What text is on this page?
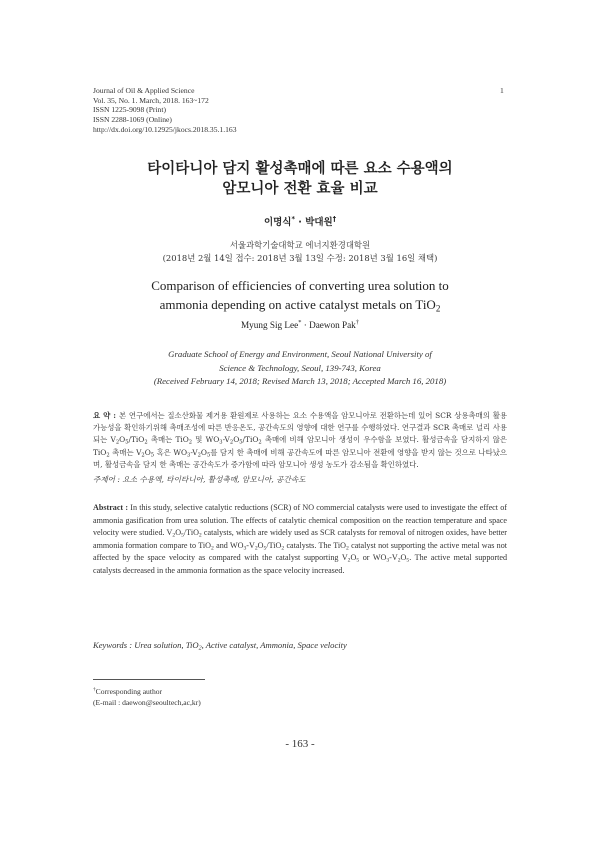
Journal of Oil & Applied Science
Vol. 35, No. 1. March, 2018. 163~172
ISSN 1225-9098 (Print)
ISSN 2288-1069 (Online)
http://dx.doi.org/10.12925/jkocs.2018.35.1.163
1
타이타니아 담지 활성촉매에 따른 요소 수용액의
암모니아 전환 효율 비교
이명식* · 박대원†
서울과학기술대학교 에너지환경대학원
(2018년 2월 14일 접수: 2018년 3월 13일 수정: 2018년 3월 16일 채택)
Comparison of efficiencies of converting urea solution to
ammonia depending on active catalyst metals on TiO$_2$
Myung Sig Lee* · Daewon Pak†
Graduate School of Energy and Environment, Seoul National University of
Science & Technology, Seoul, 139-743, Korea
(Received February 14, 2018; Revised March 13, 2018; Accepted March 16, 2018)
요 약 : 본 연구에서는 질소산화물 제거용 환원제로 사용하는 요소 수용액을 암모니아로 전환하는데 있어 SCR 상용촉매의 활용가능성을 확인하기위해 촉매조성에 따른 반응온도, 공간속도의 영향에 대한 연구를 수행하였다. 연구결과 SCR 촉매로 널리 사용되는 $V_2O_5/TiO_2$ 촉매는 TiO$_2$ 및 $WO_3-V_2O_5/TiO_2$ 촉매에 비해 암모니아 생성이 우수함을 보였다. 활성금속을 담지하지 않은 TiO$_2$ 촉매는 $V_2O_5$ 혹은 $WO_3-V_2O_5$를 담지 한 촉매에 비해 공간속도에 따른 암모니아 전환에 영향을 받지 않는 것으로 나타났으며, 활성금속을 담지 한 촉매는 공간속도가 증가함에 따라 암모니아 생성 농도가 감소됨을 확인하였다.
주제어 : 요소 수용액, 타이타니아, 활성촉매, 암모니아, 공간속도
Abstract : In this study, selective catalytic reductions (SCR) of NO commercial catalysts were used to investigate the effect of ammonia gasification from urea solution. The effects of catalytic chemical composition on the reaction temperature and space velocity were studied. $V_2O_5/TiO_2$ catalysts, which are widely used as SCR catalysts for removal of nitrogen oxides, have better ammonia formation compare to TiO$_2$ and $WO_3-V_2O_5/TiO_2$ catalysts. The TiO$_2$ catalyst not supporting the active metal was not affected by the space velocity as compared with the catalyst supporting $V_2O_5$ or $WO_3-V_2O_5$. The active metal supported catalysts decreased in the ammonia formation as the space velocity increased.
Keywords : Urea solution, TiO$_2$, Active catalyst, Ammonia, Space velocity
†Corresponding author
(E-mail : daewon@seoultech,ac,kr)
- 163 -
